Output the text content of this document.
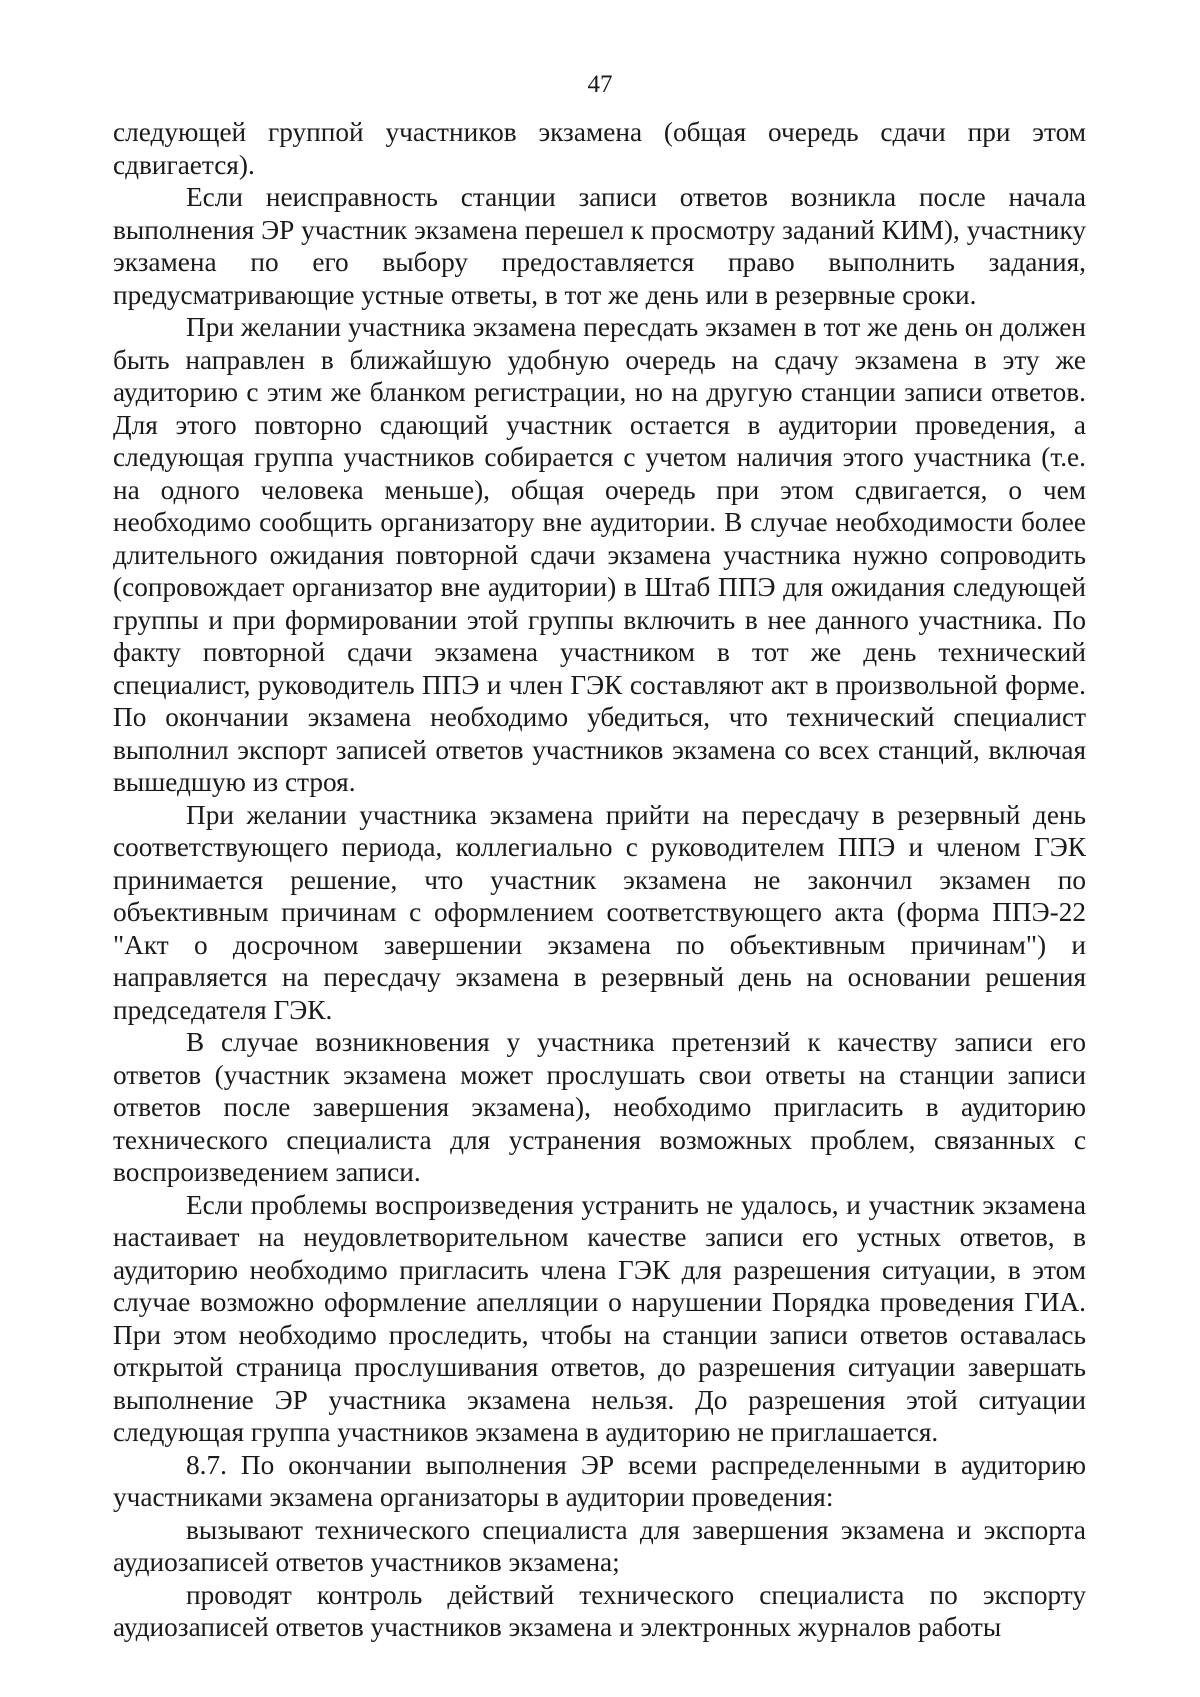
47

следующей группой участников экзамена (общая очередь сдачи при этом сдвигается).

Если неисправность станции записи ответов возникла после начала выполнения ЭР участник экзамена перешел к просмотру заданий КИМ), участнику экзамена по его выбору предоставляется право выполнить задания, предусматривающие устные ответы, в тот же день или в резервные сроки.

При желании участника экзамена пересдать экзамен в тот же день он должен быть направлен в ближайшую удобную очередь на сдачу экзамена в эту же аудиторию с этим же бланком регистрации, но на другую станции записи ответов. Для этого повторно сдающий участник остается в аудитории проведения, а следующая группа участников собирается с учетом наличия этого участника (т.е. на одного человека меньше), общая очередь при этом сдвигается, о чем необходимо сообщить организатору вне аудитории. В случае необходимости более длительного ожидания повторной сдачи экзамена участника нужно сопроводить (сопровождает организатор вне аудитории) в Штаб ППЭ для ожидания следующей группы и при формировании этой группы включить в нее данного участника. По факту повторной сдачи экзамена участником в тот же день технический специалист, руководитель ППЭ и член ГЭК составляют акт в произвольной форме. По окончании экзамена необходимо убедиться, что технический специалист выполнил экспорт записей ответов участников экзамена со всех станций, включая вышедшую из строя.

При желании участника экзамена прийти на пересдачу в резервный день соответствующего периода, коллегиально с руководителем ППЭ и членом ГЭК принимается решение, что участник экзамена не закончил экзамен по объективным причинам с оформлением соответствующего акта (форма ППЭ-22 "Акт о досрочном завершении экзамена по объективным причинам") и направляется на пересдачу экзамена в резервный день на основании решения председателя ГЭК.

В случае возникновения у участника претензий к качеству записи его ответов (участник экзамена может прослушать свои ответы на станции записи ответов после завершения экзамена), необходимо пригласить в аудиторию технического специалиста для устранения возможных проблем, связанных с воспроизведением записи.

Если проблемы воспроизведения устранить не удалось, и участник экзамена настаивает на неудовлетворительном качестве записи его устных ответов, в аудиторию необходимо пригласить члена ГЭК для разрешения ситуации, в этом случае возможно оформление апелляции о нарушении Порядка проведения ГИА. При этом необходимо проследить, чтобы на станции записи ответов оставалась открытой страница прослушивания ответов, до разрешения ситуации завершать выполнение ЭР участника экзамена нельзя. До разрешения этой ситуации следующая группа участников экзамена в аудиторию не приглашается.

8.7. По окончании выполнения ЭР всеми распределенными в аудиторию участниками экзамена организаторы в аудитории проведения:

вызывают технического специалиста для завершения экзамена и экспорта аудиозаписей ответов участников экзамена;

проводят контроль действий технического специалиста по экспорту аудиозаписей ответов участников экзамена и электронных журналов работы
